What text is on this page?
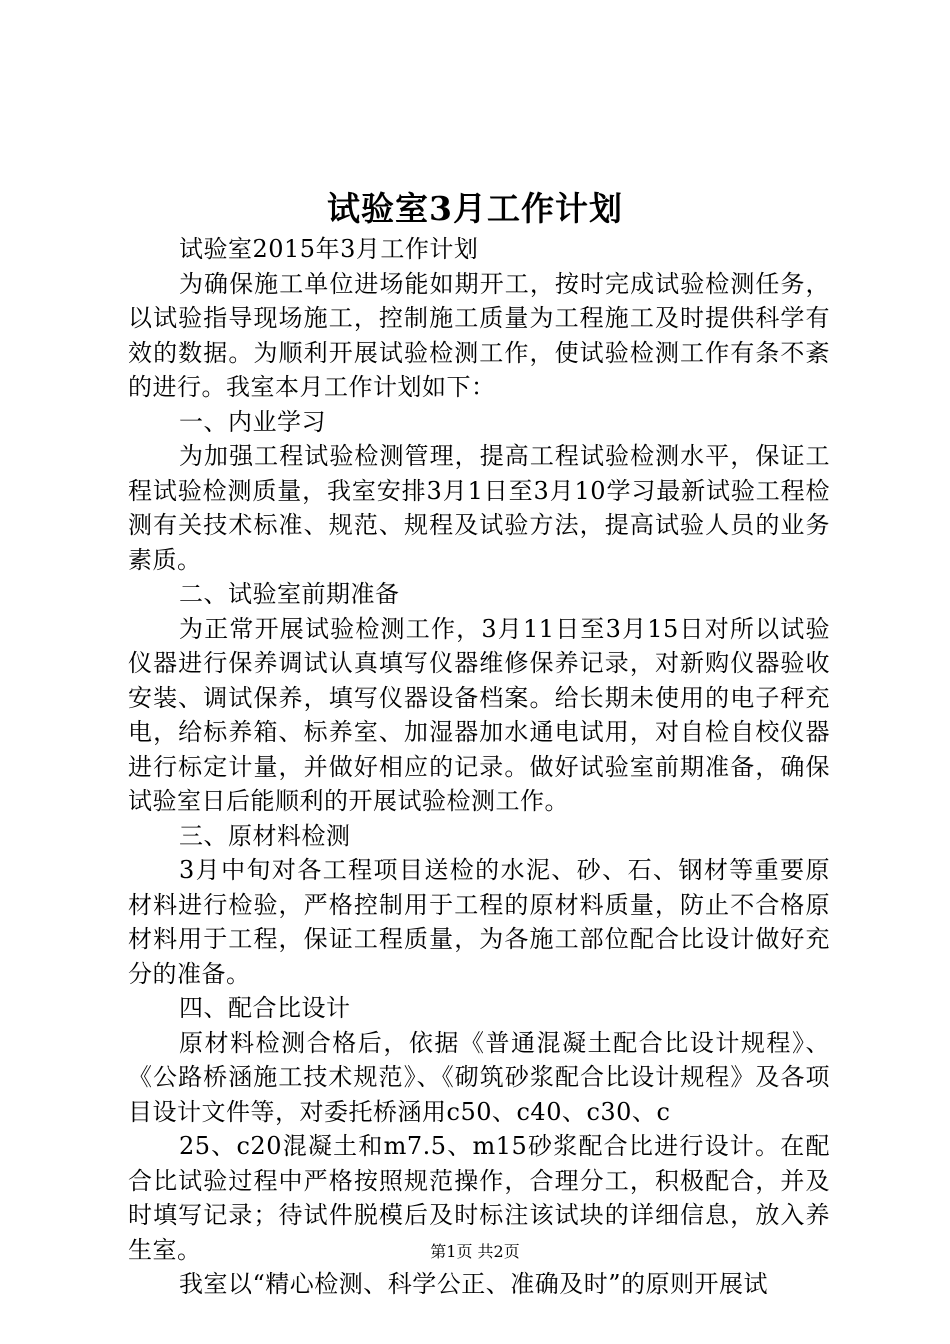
试验室3月工作计划

试验室2015年3月工作计划

为确保施工单位进场能如期开工，按时完成试验检测任务，以试验指导现场施工，控制施工质量为工程施工及时提供科学有效的数据。为顺利开展试验检测工作，使试验检测工作有条不紊的进行。我室本月工作计划如下：

一、内业学习

为加强工程试验检测管理，提高工程试验检测水平，保证工程试验检测质量，我室安排3月1日至3月10学习最新试验工程检测有关技术标准、规范、规程及试验方法，提高试验人员的业务素质。

二、试验室前期准备

为正常开展试验检测工作，3月11日至3月15日对所以试验仪器进行保养调试认真填写仪器维修保养记录，对新购仪器验收安装、调试保养，填写仪器设备档案。给长期未使用的电子秤充电，给标养箱、标养室、加湿器加水通电试用，对自检自校仪器进行标定计量，并做好相应的记录。做好试验室前期准备，确保试验室日后能顺利的开展试验检测工作。

三、原材料检测

3月中旬对各工程项目送检的水泥、砂、石、钢材等重要原材料进行检验，严格控制用于工程的原材料质量，防止不合格原材料用于工程，保证工程质量，为各施工部位配合比设计做好充分的准备。

四、配合比设计

原材料检测合格后，依据《普通混凝土配合比设计规程》、《公路桥涵施工技术规范》、《砌筑砂浆配合比设计规程》及各项目设计文件等，对委托桥涵用c50、c40、c30、c

25、c20混凝土和m7.5、m15砂浆配合比进行设计。在配合比试验过程中严格按照规范操作，合理分工，积极配合，并及时填写记录；待试件脱模后及时标注该试块的详细信息，放入养生室。

我室以“精心检测、科学公正、准确及时”的原则开展试

第1页 共2页
